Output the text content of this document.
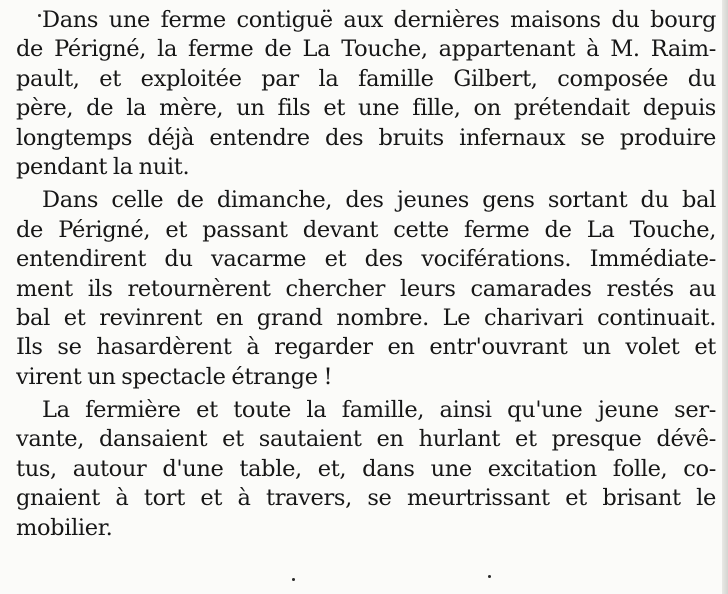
Dans une ferme contiguë aux dernières maisons du bourg
de Périgné, la ferme de La Touche, appartenant à M. Raim-
pault, et exploitée par la famille Gilbert, composée du
père, de la mère, un fils et une fille, on prétendait depuis
longtemps déjà entendre des bruits infernaux se produire
pendant la nuit.
Dans celle de dimanche, des jeunes gens sortant du bal
de Périgné, et passant devant cette ferme de La Touche,
entendirent du vacarme et des vociférations. Immédiate-
ment ils retournèrent chercher leurs camarades restés au
bal et revinrent en grand nombre. Le charivari continuait.
Ils se hasardèrent à regarder en entr'ouvrant un volet et
virent un spectacle étrange !
La fermière et toute la famille, ainsi qu'une jeune ser-
vante, dansaient et sautaient en hurlant et presque dévê-
tus, autour d'une table, et, dans une excitation folle, co-
gnaient à tort et à travers, se meurtrissant et brisant le
mobilier.
